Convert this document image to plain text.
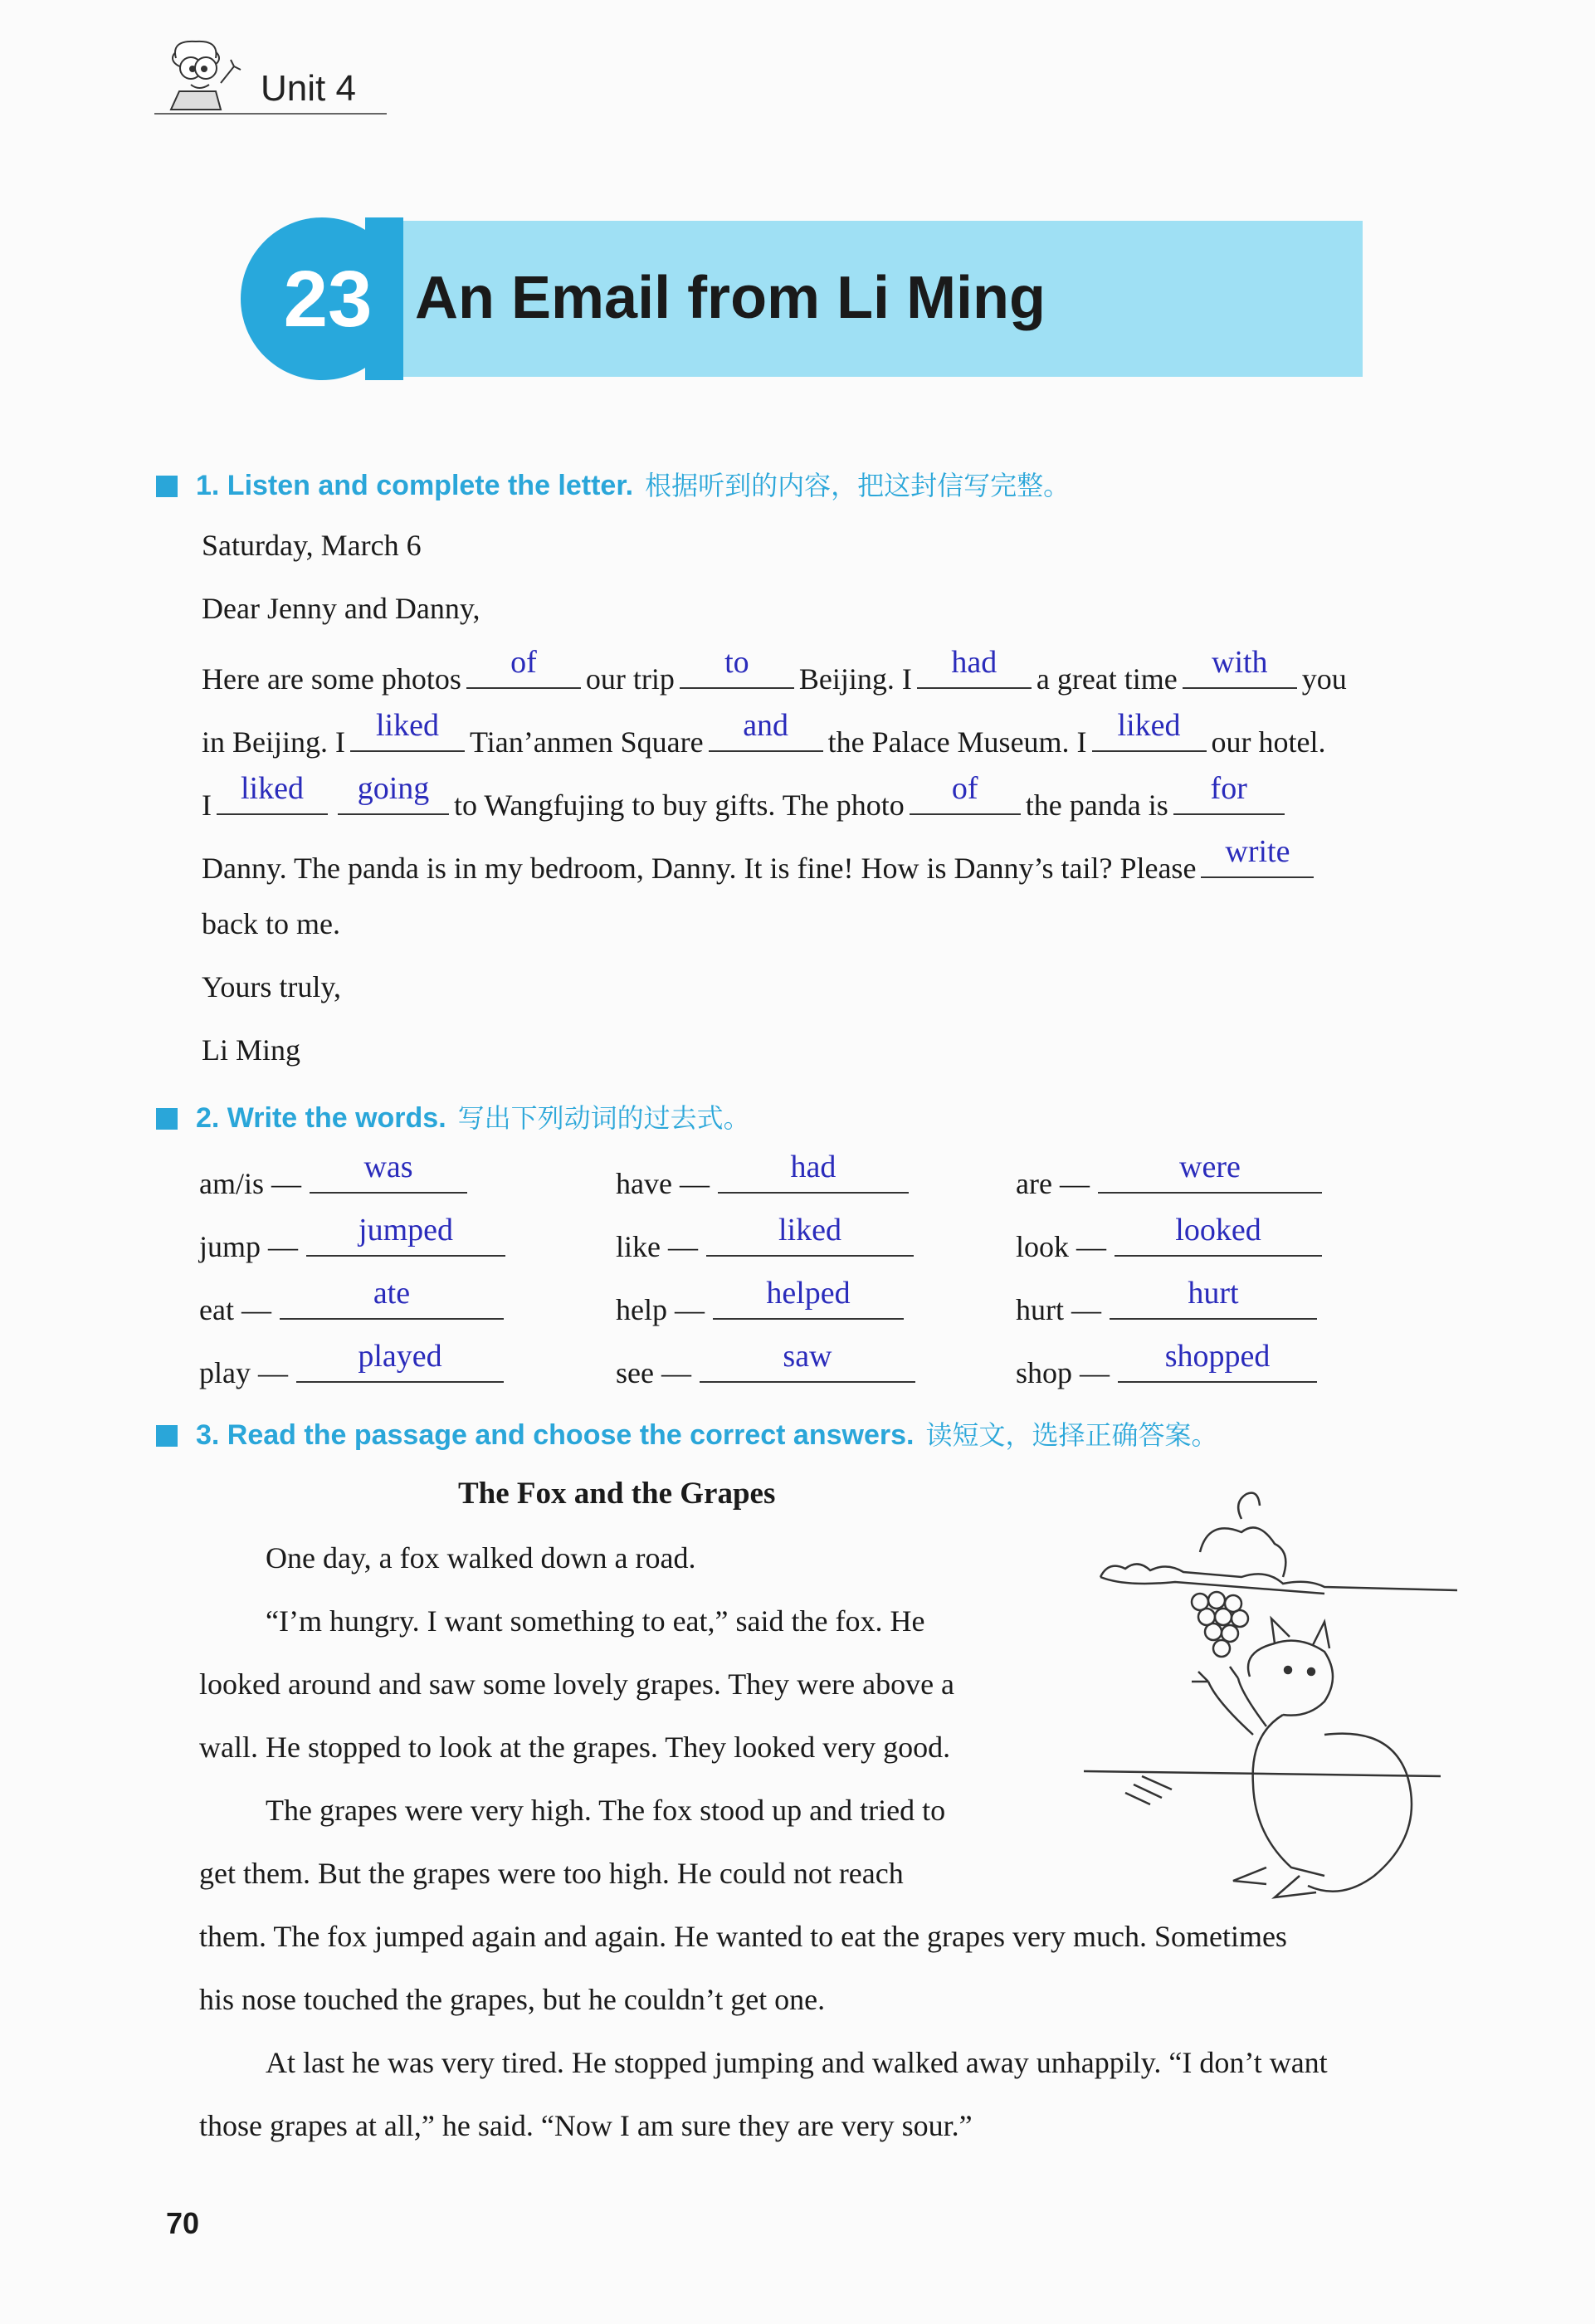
Unit 4
23 An Email from Li Ming
1. Listen and complete the letter. 根据听到的内容，把这封信写完整。
Saturday, March 6
Dear Jenny and Danny,
Here are some photos	of	our trip	to	Beijing. I	had	a great time	with	you
in Beijing. I liked	Tian’anmen Square	and	the Palace Museum. I liked	our hotel.
I liked	going to Wangfujing to buy gifts. The photo	of	the panda is	for
Danny. The panda is in my bedroom, Danny. It is fine! How is Danny’s tail? Please write
back to me.
Yours truly,
Li Ming
2. Write the words. 写出下列动词的过去式。
am/is —	was	have —	had	are —	were
jump —	jumped	like —	liked	look —	looked
eat —	ate	help —	helped	hurt —	hurt
play —	played	see —	saw	shop —	shopped
3. Read the passage and choose the correct answers. 读短文，选择正确答案。
The Fox and the Grapes
One day, a fox walked down a road.
“I’m hungry. I want something to eat,” said the fox. He
looked around and saw some lovely grapes. They were above a
wall. He stopped to look at the grapes. They looked very good.
The grapes were very high. The fox stood up and tried to
get them. But the grapes were too high. He could not reach
them. The fox jumped again and again. He wanted to eat the grapes very much. Sometimes
his nose touched the grapes, but he couldn’t get one.
At last he was very tired. He stopped jumping and walked away unhappily. “I don’t want
those grapes at all,” he said. “Now I am sure they are very sour.”
70
